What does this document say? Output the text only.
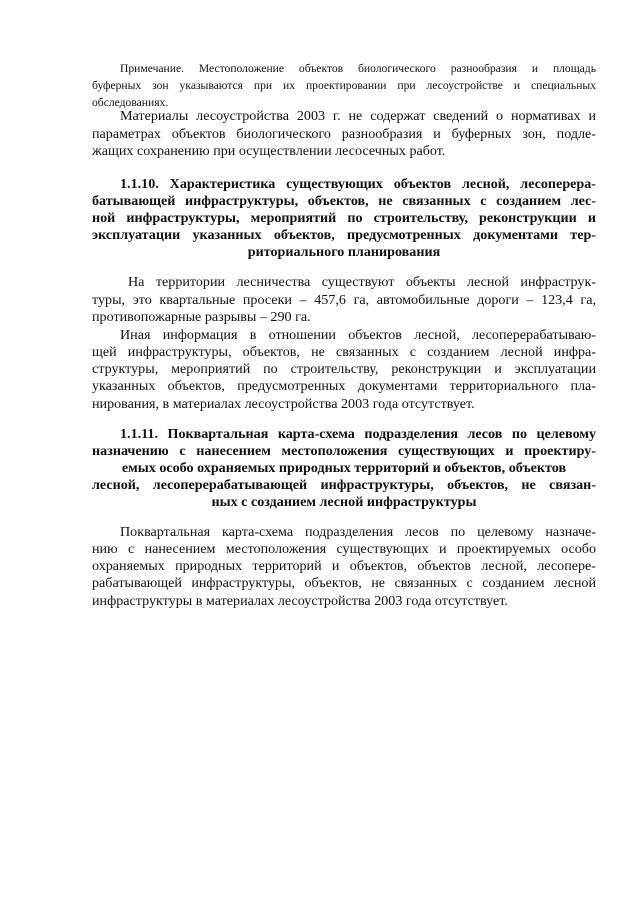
Примечание. Местоположение объектов биологического разнообразия и площадь

буферных зон указываются при их проектировании при лесоустройстве и специальных

обследованиях.

Материалы лесоустройства 2003 г. не содержат сведений о нормативах и

параметрах объектов биологического разнообразия и буферных зон, подле-

жащих сохранению при осуществлении лесосечных работ.

1.1.10. Характеристика существующих объектов лесной, лесоперера-

батывающей инфраструктуры, объектов, не связанных с созданием лес-

ной инфраструктуры, мероприятий по строительству, реконструкции и

эксплуатации указанных объектов, предусмотренных документами тер-

риториального планирования

На территории лесничества существуют объекты лесной инфраструк-

туры, это квартальные просеки – 457,6 га, автомобильные дороги – 123,4 га,

противопожарные разрывы – 290 га.

Иная информация в отношении объектов лесной, лесоперерабатываю-

щей инфраструктуры, объектов, не связанных с созданием лесной инфра-

структуры, мероприятий по строительству, реконструкции и эксплуатации

указанных объектов, предусмотренных документами территориального пла-

нирования, в материалах лесоустройства 2003 года отсутствует.

1.1.11. Поквартальная карта-схема подразделения лесов по целевому

назначению с нанесением местоположения существующих и проектиру-

емых особо охраняемых природных территорий и объектов, объектов

лесной, лесоперерабатывающей инфраструктуры, объектов, не связан-

ных с созданием лесной инфраструктуры

Поквартальная карта-схема подразделения лесов по целевому назначе-

нию с нанесением местоположения существующих и проектируемых особо

охраняемых природных территорий и объектов, объектов лесной, лесопере-

рабатывающей инфраструктуры, объектов, не связанных с созданием лесной

инфраструктуры в материалах лесоустройства 2003 года отсутствует.
